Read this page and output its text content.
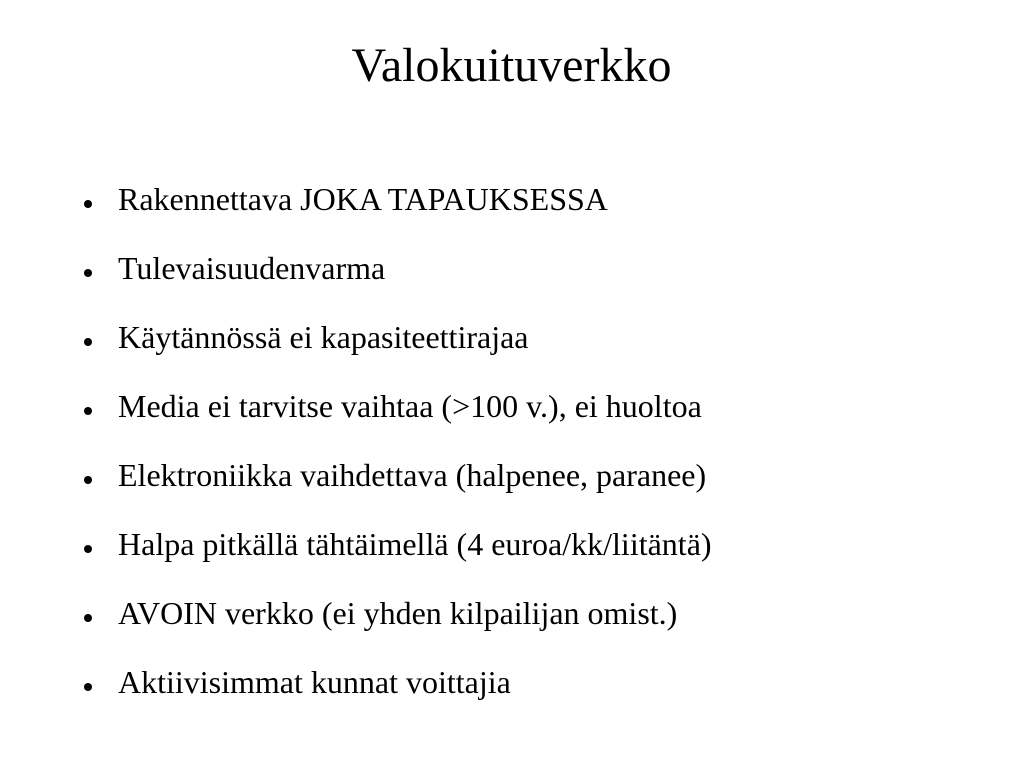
Valokuituverkko
Rakennettava JOKA TAPAUKSESSA
Tulevaisuudenvarma
Käytännössä ei kapasiteettirajaa
Media ei tarvitse vaihtaa (>100 v.), ei huoltoa
Elektroniikka vaihdettava (halpenee, paranee)
Halpa pitkällä tähtäimellä (4 euroa/kk/liitäntä)
AVOIN verkko (ei yhden kilpailijan omist.)
Aktiivisimmat kunnat voittajia
